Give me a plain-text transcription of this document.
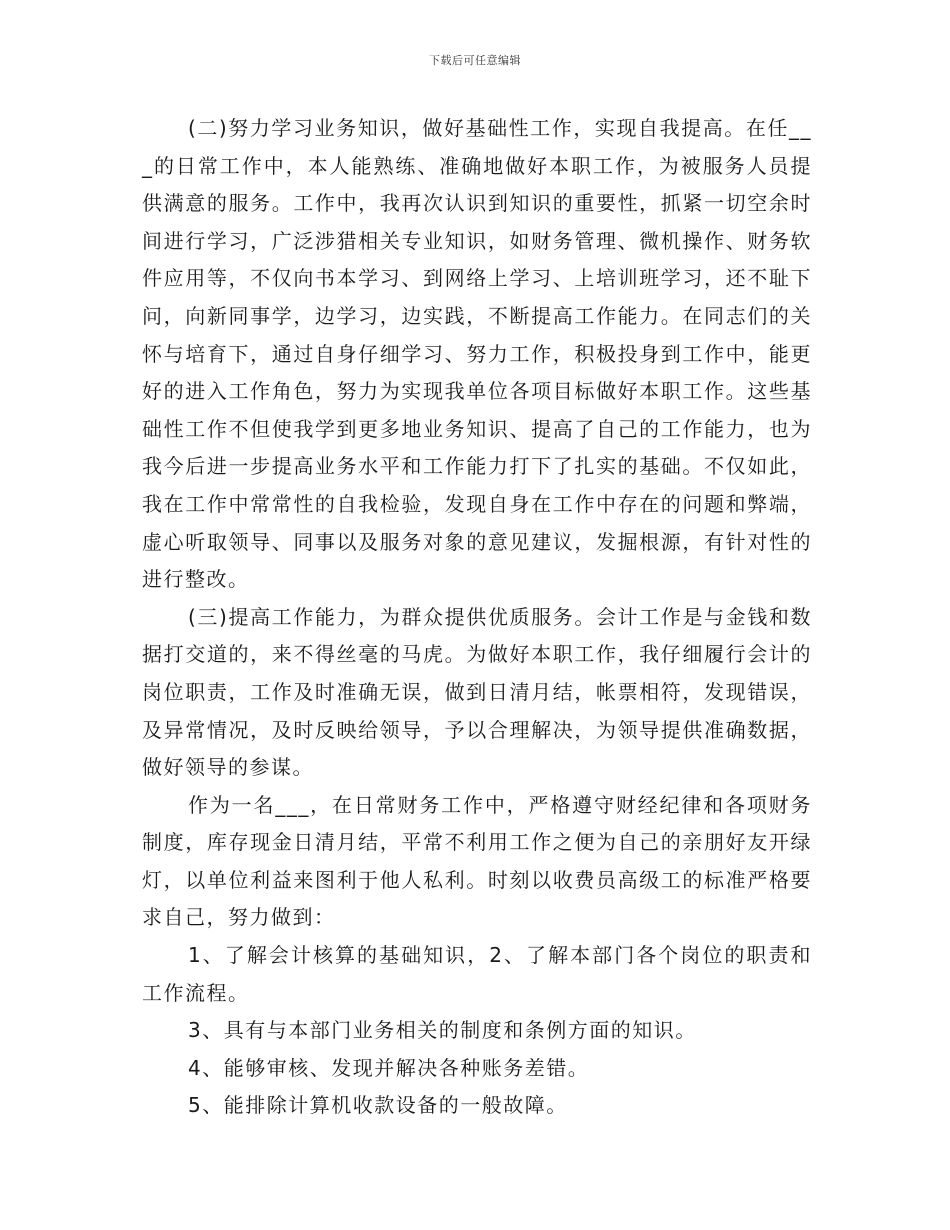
下载后可任意编辑

(二)努力学习业务知识，做好基础性工作，实现自我提高。在任___的日常工作中，本人能熟练、准确地做好本职工作，为被服务人员提供满意的服务。工作中，我再次认识到知识的重要性，抓紧一切空余时间进行学习，广泛涉猎相关专业知识，如财务管理、微机操作、财务软件应用等，不仅向书本学习、到网络上学习、上培训班学习，还不耻下问，向新同事学，边学习，边实践，不断提高工作能力。在同志们的关怀与培育下，通过自身仔细学习、努力工作，积极投身到工作中，能更好的进入工作角色，努力为实现我单位各项目标做好本职工作。这些基础性工作不但使我学到更多地业务知识、提高了自己的工作能力，也为我今后进一步提高业务水平和工作能力打下了扎实的基础。不仅如此，我在工作中常常性的自我检验，发现自身在工作中存在的问题和弊端，虚心听取领导、同事以及服务对象的意见建议，发掘根源，有针对性的进行整改。

(三)提高工作能力，为群众提供优质服务。会计工作是与金钱和数据打交道的，来不得丝毫的马虎。为做好本职工作，我仔细履行会计的岗位职责，工作及时准确无误，做到日清月结，帐票相符，发现错误，及异常情况，及时反映给领导，予以合理解决，为领导提供准确数据，做好领导的参谋。

作为一名___，在日常财务工作中，严格遵守财经纪律和各项财务制度，库存现金日清月结，平常不利用工作之便为自己的亲朋好友开绿灯，以单位利益来图利于他人私利。时刻以收费员高级工的标准严格要求自己，努力做到：

1、了解会计核算的基础知识，2、了解本部门各个岗位的职责和工作流程。

3、具有与本部门业务相关的制度和条例方面的知识。

4、能够审核、发现并解决各种账务差错。

5、能排除计算机收款设备的一般故障。
